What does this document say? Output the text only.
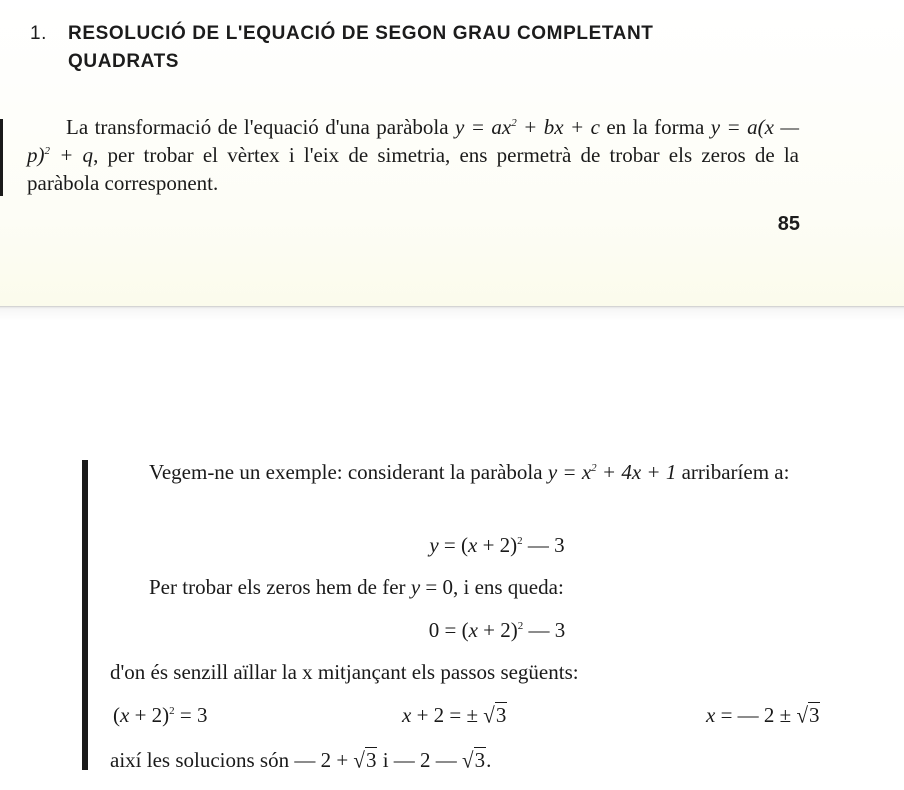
1. RESOLUCIÓ DE L'EQUACIÓ DE SEGON GRAU COMPLETANT QUADRATS

La transformació de l'equació d'una paràbola $y = ax^2$ + bx + c en la forma y = a(x — p)$^2$ + q, per trobar el vèrtex i l'eix de simetria, ens permetrà de trobar els zeros de la paràbola corresponent.

85

Vegem-ne un exemple: considerant la paràbola $y = x^2 + 4x + 1$ arribaríem a:

$y = (x + 2)^2$ — 3

Per trobar els zeros hem de fer y = 0, i ens queda:

$0 = (x + 2)^2$ — 3

d'on és senzill aïllar la x mitjançant els passos següents:

$(x + 2)^2 = 3$	x + 2 = ± √3	x = — 2 ± √3

així les solucions són — 2 + √3 i — 2 — √3.
